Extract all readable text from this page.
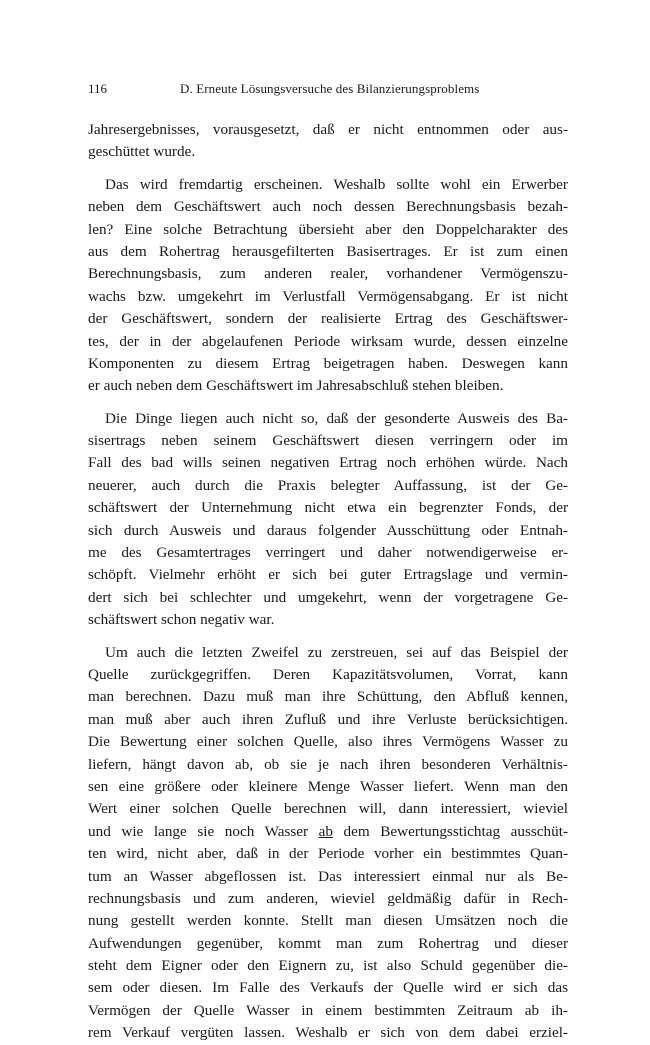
116	D. Erneute Lösungsversuche des Bilanzierungsproblems
Jahresergebnisses, vorausgesetzt, daß er nicht entnommen oder aus-
geschüttet wurde.
Das wird fremdartig erscheinen. Weshalb sollte wohl ein Erwerber
neben dem Geschäftswert auch noch dessen Berechnungsbasis bezah-
len? Eine solche Betrachtung übersieht aber den Doppelcharakter des
aus dem Rohertrag herausgefilterten Basisertrages. Er ist zum einen
Berechnungsbasis, zum anderen realer, vorhandener Vermögenszu-
wachs bzw. umgekehrt im Verlustfall Vermögensabgang. Er ist nicht
der Geschäftswert, sondern der realisierte Ertrag des Geschäftswer-
tes, der in der abgelaufenen Periode wirksam wurde, dessen einzelne
Komponenten zu diesem Ertrag beigetragen haben. Deswegen kann
er auch neben dem Geschäftswert im Jahresabschluß stehen bleiben.
Die Dinge liegen auch nicht so, daß der gesonderte Ausweis des Ba-
sisertrags neben seinem Geschäftswert diesen verringern oder im
Fall des bad wills seinen negativen Ertrag noch erhöhen würde. Nach
neuerer, auch durch die Praxis belegter Auffassung, ist der Ge-
schäftswert der Unternehmung nicht etwa ein begrenzter Fonds, der
sich durch Ausweis und daraus folgender Ausschüttung oder Entnah-
me des Gesamtertrages verringert und daher notwendigerweise er-
schöpft. Vielmehr erhöht er sich bei guter Ertragslage und vermin-
dert sich bei schlechter und umgekehrt, wenn der vorgetragene Ge-
schäftswert schon negativ war.
Um auch die letzten Zweifel zu zerstreuen, sei auf das Beispiel der
Quelle zurückgegriffen. Deren Kapazitätsvolumen, Vorrat, kann
man berechnen. Dazu muß man ihre Schüttung, den Abfluß kennen,
man muß aber auch ihren Zufluß und ihre Verluste berücksichtigen.
Die Bewertung einer solchen Quelle, also ihres Vermögens Wasser zu
liefern, hängt davon ab, ob sie je nach ihren besonderen Verhältnis-
sen eine größere oder kleinere Menge Wasser liefert. Wenn man den
Wert einer solchen Quelle berechnen will, dann interessiert, wieviel
und wie lange sie noch Wasser ab dem Bewertungsstichtag ausschüt-
ten wird, nicht aber, daß in der Periode vorher ein bestimmtes Quan-
tum an Wasser abgeflossen ist. Das interessiert einmal nur als Be-
rechnungsbasis und zum anderen, wieviel geldmäßig dafür in Rech-
nung gestellt werden konnte. Stellt man diesen Umsätzen noch die
Aufwendungen gegenüber, kommt man zum Rohertrag und dieser
steht dem Eigner oder den Eignern zu, ist also Schuld gegenüber die-
sem oder diesen. Im Falle des Verkaufs der Quelle wird er sich das
Vermögen der Quelle Wasser in einem bestimmten Zeitraum ab ih-
rem Verkauf vergüten lassen. Weshalb er sich von dem dabei erziel-
